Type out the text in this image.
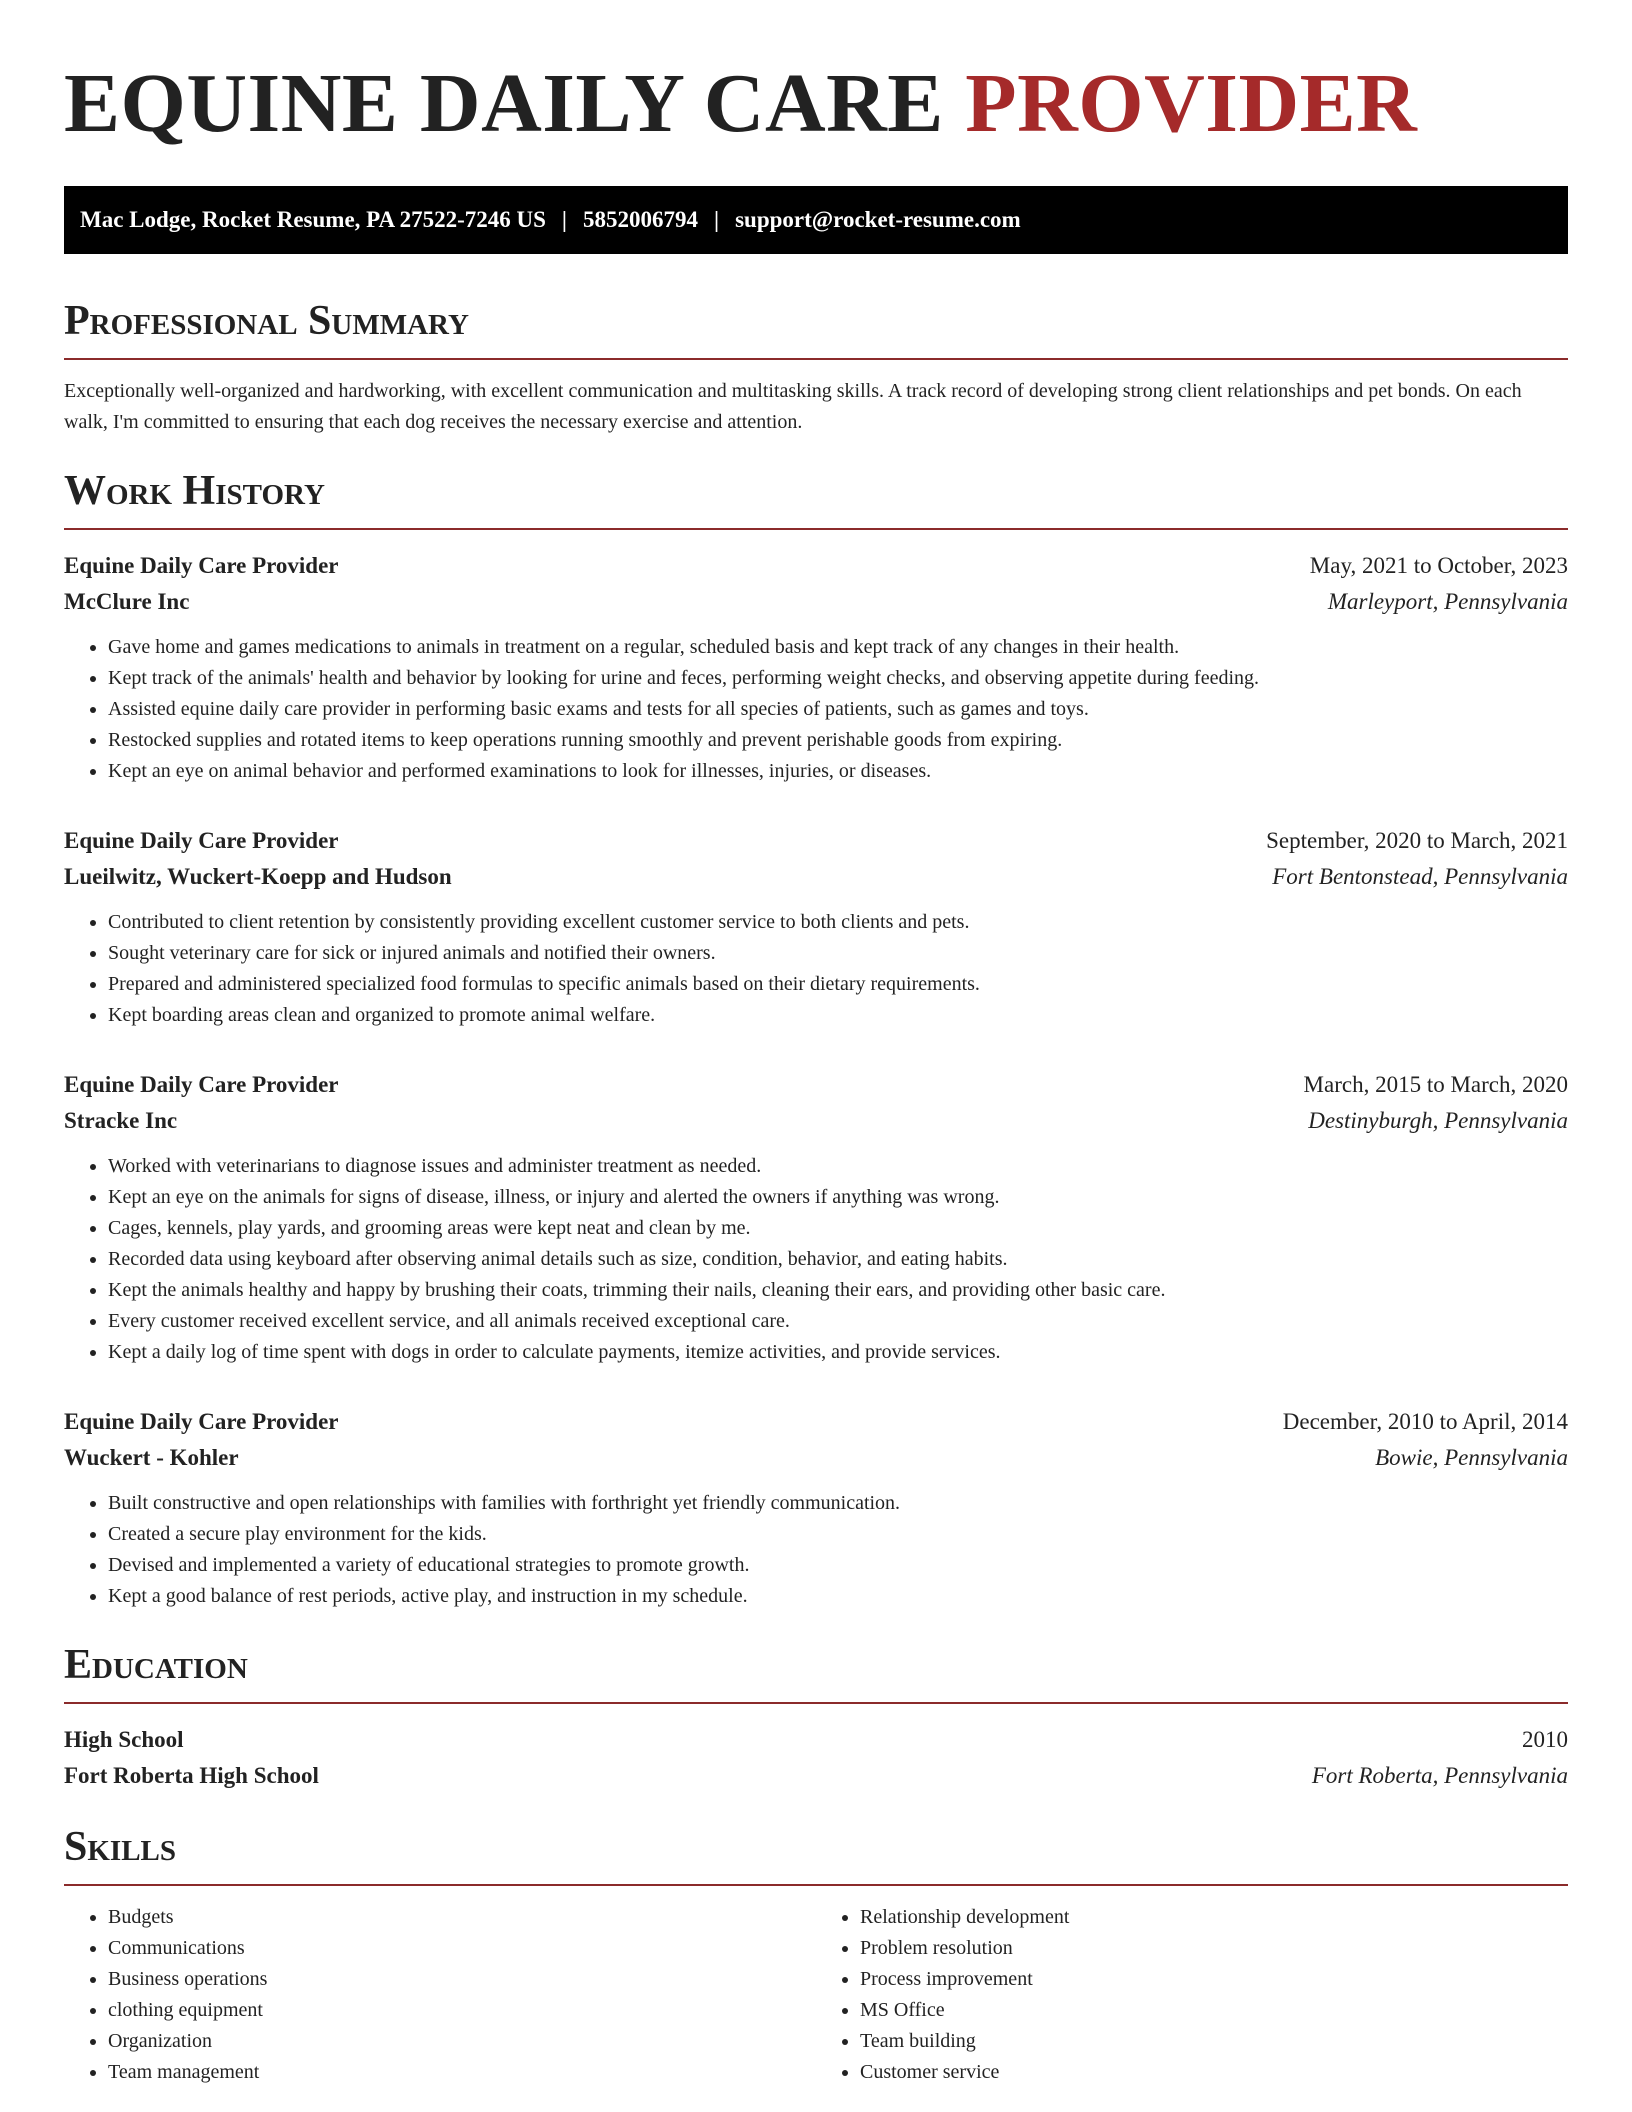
EQUINE DAILY CARE PROVIDER
Mac Lodge, Rocket Resume, PA 27522-7246 US | 5852006794 | support@rocket-resume.com
Professional Summary
Exceptionally well-organized and hardworking, with excellent communication and multitasking skills. A track record of developing strong client relationships and pet bonds. On each walk, I'm committed to ensuring that each dog receives the necessary exercise and attention.
Work History
Equine Daily Care Provider	May, 2021 to October, 2023
McClure Inc	Marleyport, Pennsylvania
• Gave home and games medications to animals in treatment on a regular, scheduled basis and kept track of any changes in their health.
• Kept track of the animals' health and behavior by looking for urine and feces, performing weight checks, and observing appetite during feeding.
• Assisted equine daily care provider in performing basic exams and tests for all species of patients, such as games and toys.
• Restocked supplies and rotated items to keep operations running smoothly and prevent perishable goods from expiring.
• Kept an eye on animal behavior and performed examinations to look for illnesses, injuries, or diseases.
Equine Daily Care Provider	September, 2020 to March, 2021
Lueilwitz, Wuckert-Koepp and Hudson	Fort Bentonstead, Pennsylvania
• Contributed to client retention by consistently providing excellent customer service to both clients and pets.
• Sought veterinary care for sick or injured animals and notified their owners.
• Prepared and administered specialized food formulas to specific animals based on their dietary requirements.
• Kept boarding areas clean and organized to promote animal welfare.
Equine Daily Care Provider	March, 2015 to March, 2020
Stracke Inc	Destinyburgh, Pennsylvania
• Worked with veterinarians to diagnose issues and administer treatment as needed.
• Kept an eye on the animals for signs of disease, illness, or injury and alerted the owners if anything was wrong.
• Cages, kennels, play yards, and grooming areas were kept neat and clean by me.
• Recorded data using keyboard after observing animal details such as size, condition, behavior, and eating habits.
• Kept the animals healthy and happy by brushing their coats, trimming their nails, cleaning their ears, and providing other basic care.
• Every customer received excellent service, and all animals received exceptional care.
• Kept a daily log of time spent with dogs in order to calculate payments, itemize activities, and provide services.
Equine Daily Care Provider	December, 2010 to April, 2014
Wuckert - Kohler	Bowie, Pennsylvania
• Built constructive and open relationships with families with forthright yet friendly communication.
• Created a secure play environment for the kids.
• Devised and implemented a variety of educational strategies to promote growth.
• Kept a good balance of rest periods, active play, and instruction in my schedule.
Education
High School	2010
Fort Roberta High School	Fort Roberta, Pennsylvania
Skills
• Budgets
• Communications
• Business operations
• clothing equipment
• Organization
• Team management
• Relationship development
• Problem resolution
• Process improvement
• MS Office
• Team building
• Customer service
